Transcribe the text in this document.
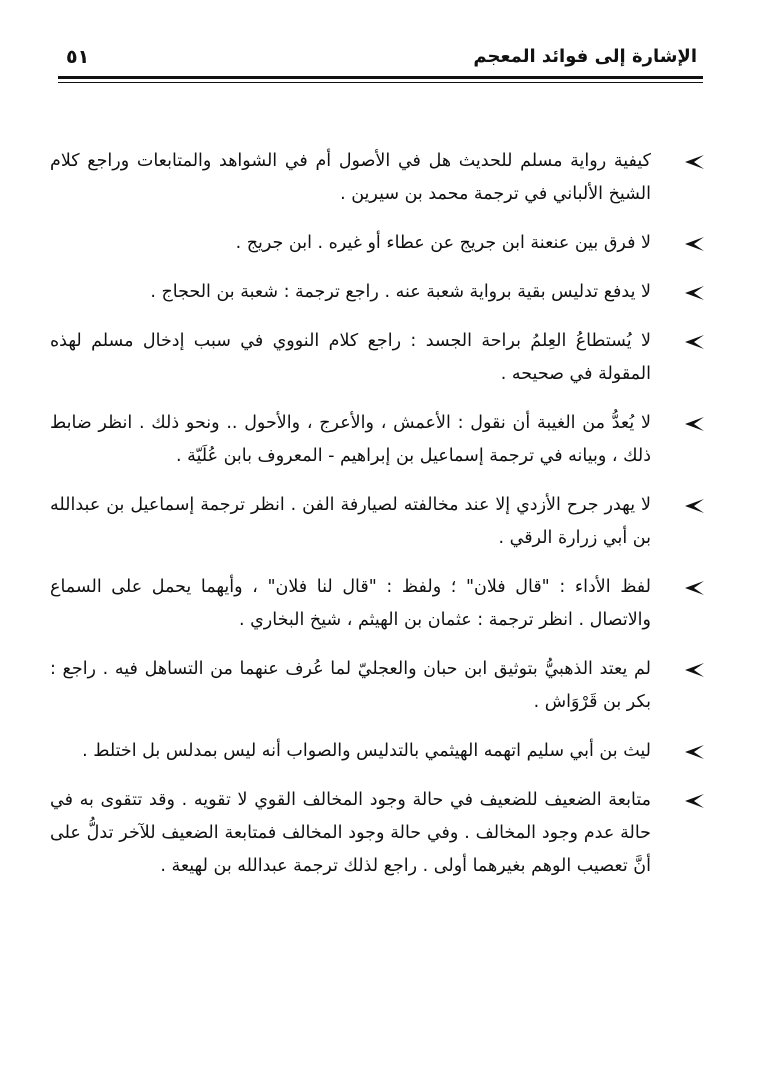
الإشارة إلى فوائد المعجم
٥١
كيفية رواية مسلم للحديث هل في الأصول أم في الشواهد والمتابعات وراجع كلام الشيخ الألباني في ترجمة محمد بن سيرين .
لا فرق بين عنعنة ابن جريج عن عطاء أو غيره . ابن جريج .
لا يدفع تدليس بقية برواية شعبة عنه . راجع ترجمة : شعبة بن الحجاج .
لا يُستطاعُ العِلمُ براحة الجسد : راجع كلام النووي في سبب إدخال مسلم لهذه المقولة في صحيحه .
لا يُعدُّ من الغيبة أن نقول : الأعمش ، والأعرج ، والأحول .. ونحو ذلك . انظر ضابط ذلك ، وبيانه في ترجمة إسماعيل بن إبراهيم - المعروف بابن عُلَيّة .
لا يهدر جرح الأزدي إلا عند مخالفته لصيارفة الفن . انظر ترجمة إسماعيل بن عبدالله بن أبي زرارة الرقي .
لفظ الأداء : "قال فلان" ؛ ولفظ : "قال لنا فلان" ، وأيهما يحمل على السماع والاتصال . انظر ترجمة : عثمان بن الهيثم ، شيخ البخاري .
لم يعتد الذهبيُّ بتوثيق ابن حبان والعجليّ لما عُرف عنهما من التساهل فيه . راجع : بكر بن قَرْوَاش .
ليث بن أبي سليم اتهمه الهيثمي بالتدليس والصواب أنه ليس بمدلس بل اختلط .
متابعة الضعيف للضعيف في حالة وجود المخالف القوي لا تقويه . وقد تتقوى به في حالة عدم وجود المخالف . وفي حالة وجود المخالف فمتابعة الضعيف للآخر تدلُّ على أنَّ تعصيب الوهم بغيرهما أولى . راجع لذلك ترجمة عبدالله بن لهيعة .
